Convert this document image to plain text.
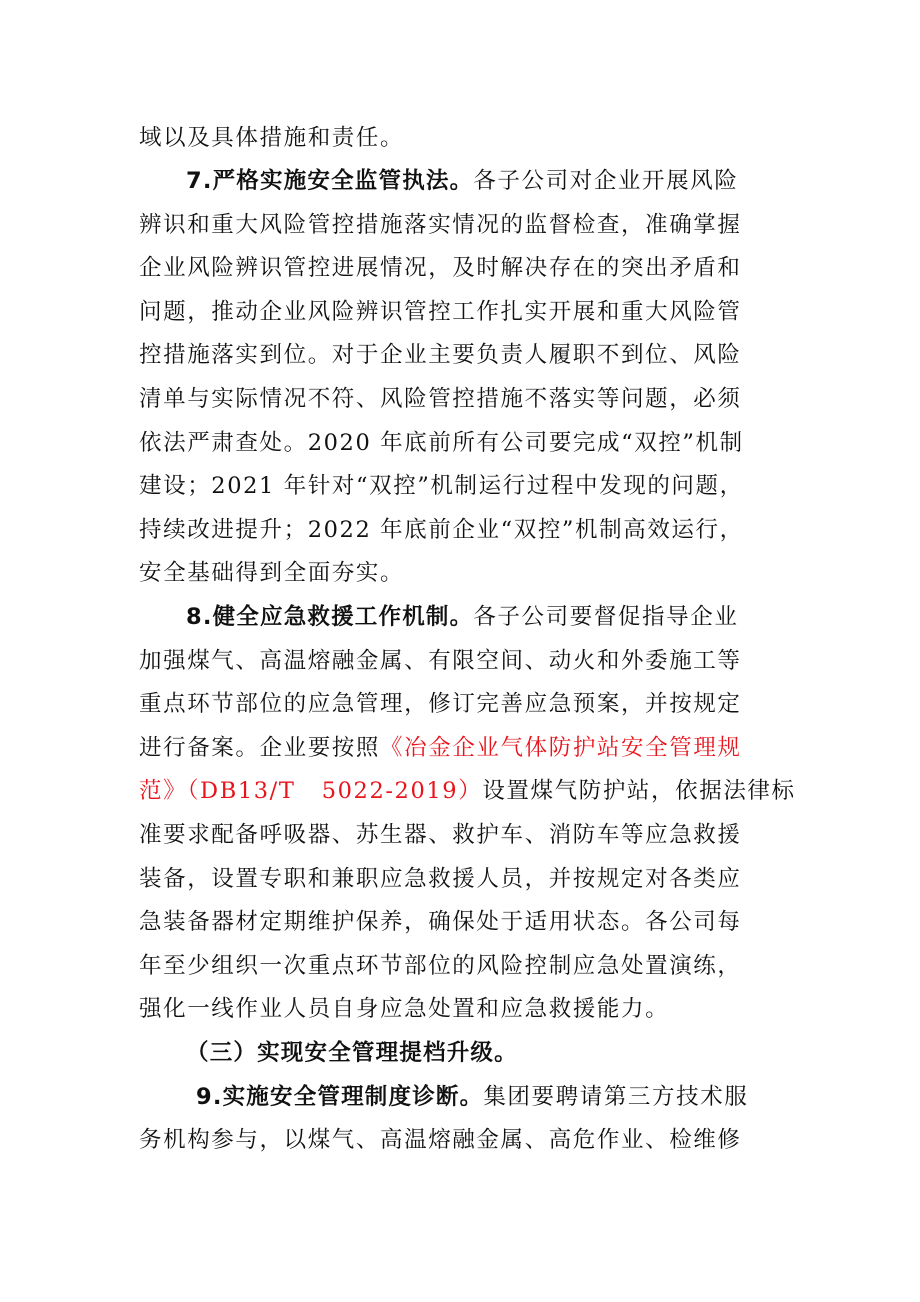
域以及具体措施和责任。
7.严格实施安全监管执法。各子公司对企业开展风险
辨识和重大风险管控措施落实情况的监督检查，准确掌握
企业风险辨识管控进展情况，及时解决存在的突出矛盾和
问题，推动企业风险辨识管控工作扎实开展和重大风险管
控措施落实到位。对于企业主要负责人履职不到位、风险
清单与实际情况不符、风险管控措施不落实等问题，必须
依法严肃查处。2020 年底前所有公司要完成“双控”机制
建设；2021 年针对“双控”机制运行过程中发现的问题，
持续改进提升；2022 年底前企业“双控”机制高效运行，
安全基础得到全面夯实。
8.健全应急救援工作机制。各子公司要督促指导企业
加强煤气、高温熔融金属、有限空间、动火和外委施工等
重点环节部位的应急管理，修订完善应急预案，并按规定
进行备案。企业要按照《冶金企业气体防护站安全管理规
范》（DB13/T   5022-2019）设置煤气防护站，依据法律标
准要求配备呼吸器、苏生器、救护车、消防车等应急救援
装备，设置专职和兼职应急救援人员，并按规定对各类应
急装备器材定期维护保养，确保处于适用状态。各公司每
年至少组织一次重点环节部位的风险控制应急处置演练，
强化一线作业人员自身应急处置和应急救援能力。
（三）实现安全管理提档升级。
9.实施安全管理制度诊断。集团要聘请第三方技术服
务机构参与，以煤气、高温熔融金属、高危作业、检维修
